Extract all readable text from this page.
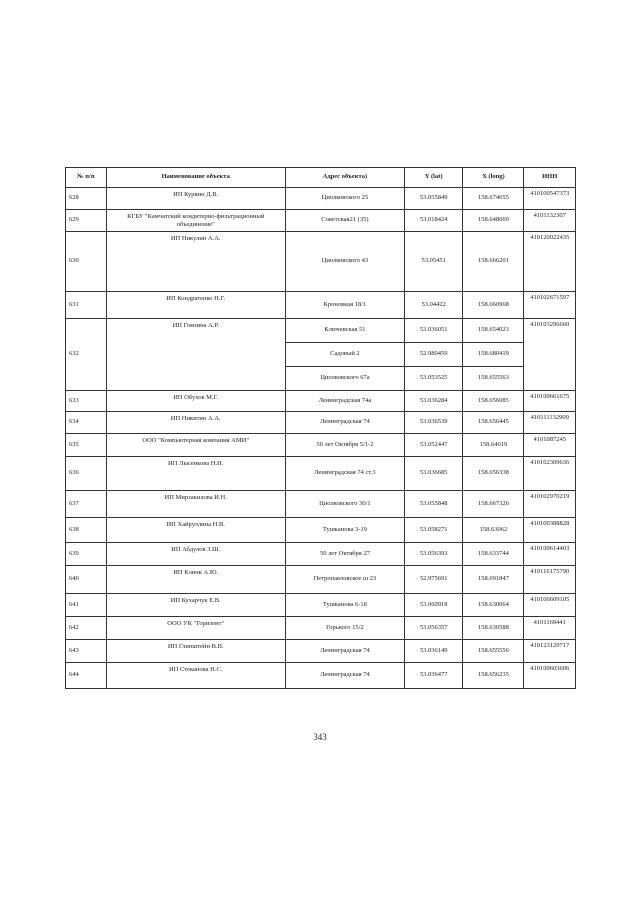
№ п/п	Наименование объекта	Адрес объекта)	Y (lat)	X (long)	ИНН
628	ИП Куркин Д.В.	Циолковского 25	53.055849	158.674655	410100547373
629	КГБУ "Камчатский кондитерно-фильтрационный объединение"	Советская21 (35)	53.018424	158.648669	4101132307
630	ИП Никулин А.А.	Циолковского 43	53.05451	158.666201	410120022435
631	ИП Кондратенко Н.Г.	Кроновкая 18/1	53.04422	158.660968	410102671597
632	ИП Гомзина А.Р.	Ключевская 51	53.036051	158.654023	410103296660
		Садовый 2	52.980459	158.680419	
		Циолковского 67а	53.053525	158.655563	
633	ИП Обухов М.Г.	Ленинградская 74а	53.036284	158.656085	410100661675
634	ИП Никитин А.А.	Ленинградская 74	53.036539	158.656445	410111132909
635	ООО "Компьютерная компания АМИ"	50 лет Октября 5/1-2	53.052447	158.64019	4101087245
636	ИП Лысенкова Н.Н.	Ленинградская 74 ст.3	53.036685	158.656338	410102309636
637	ИП Мирзакилова И.Н.	Циолковского 30/1	53.055848	158.667326	410102970219
638	ИП Хайруллина Н.В.	Тушканова 3-19	53.058271	158.63062	410100388828
639	ИП Абдулов З.Ш.	50 лет Октября 27	53.056393	158.633744	410100614403
640	ИП Клинк А.Ю.	Петропавловское ш 23	52.975691	158.691847	410116175790
641	ИП Кухарчук Е.В.	Тушканова 6-18	53.060918	158.630064	410106609105
642	ООО УК "Горизонт"	Горького 15/2	53.056357	158.630588	4101169441
643	ИП Глинштейн В.В.	Ленинградская 74	53.036149	158.655556	410123129717
644	ИП Стеканова Н.С.	Ленинградская 74	53.036477	158.656235	410100603606
343
